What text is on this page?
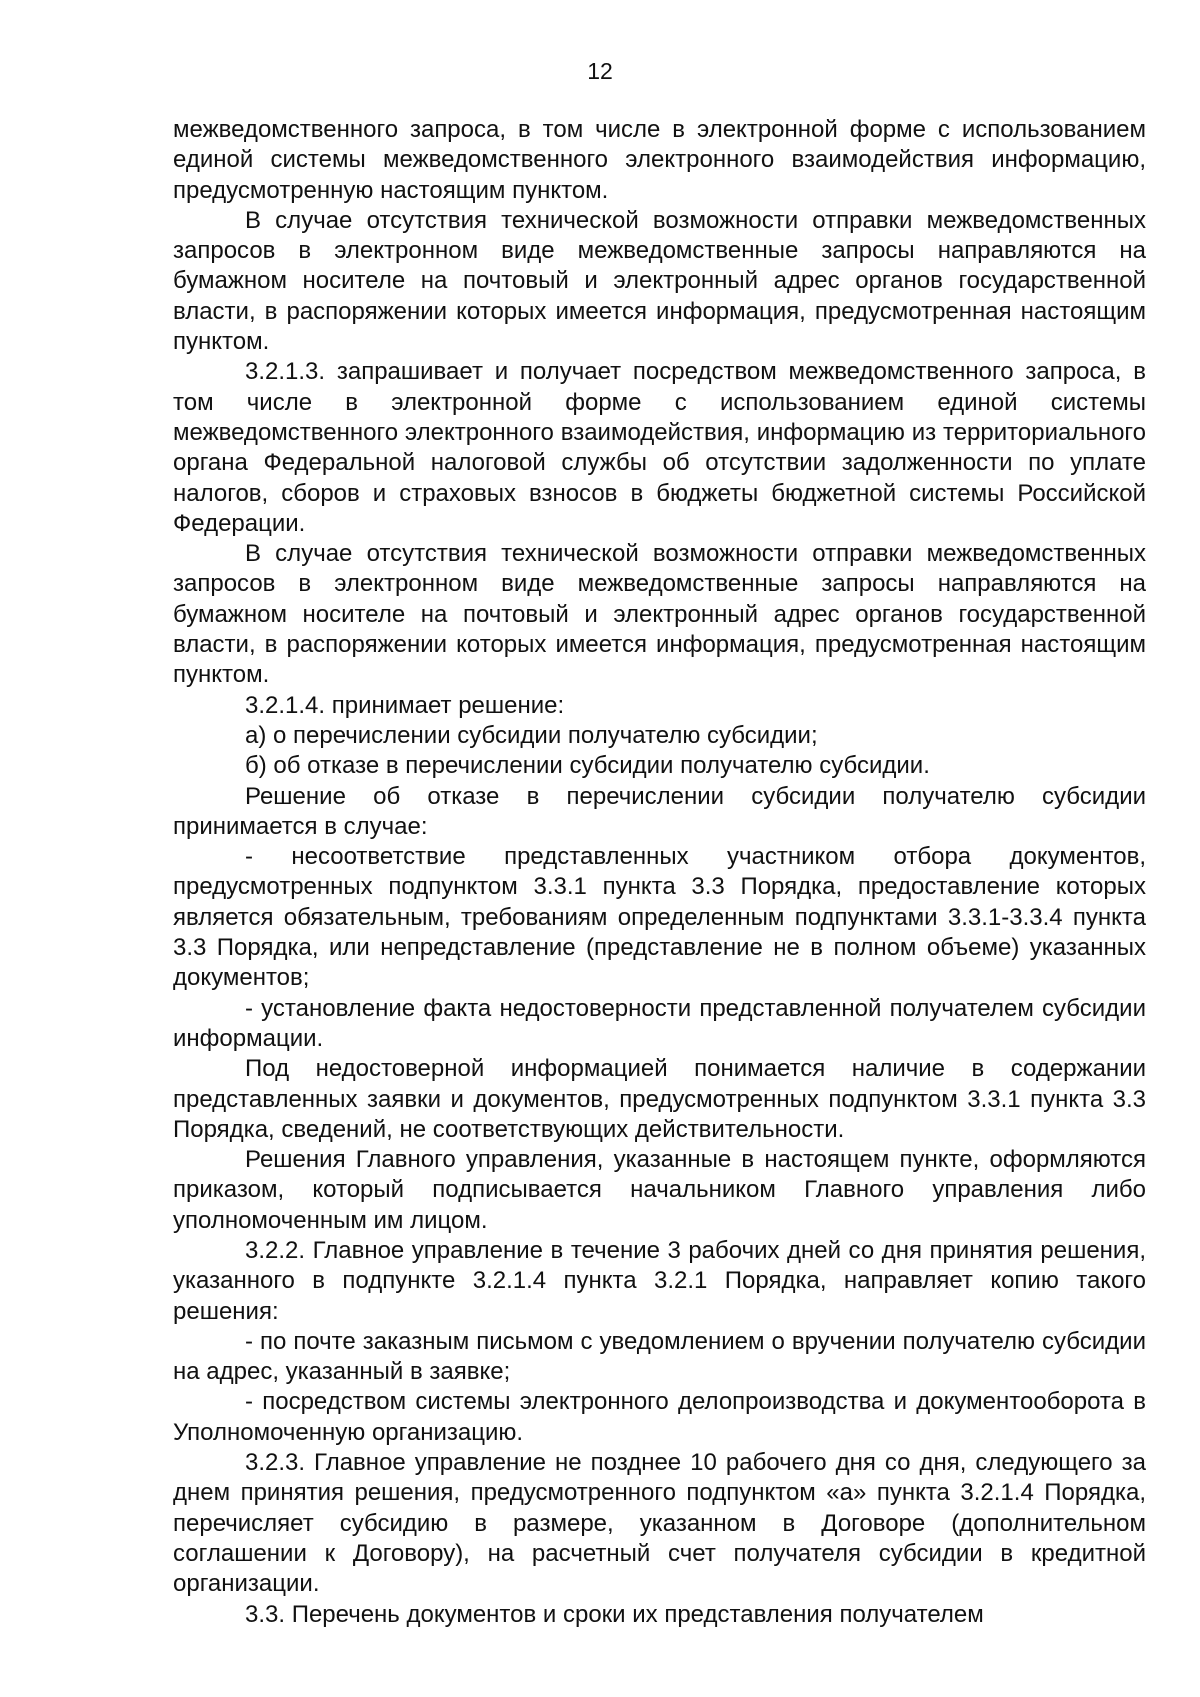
12

межведомственного запроса, в том числе в электронной форме с использованием единой системы межведомственного электронного взаимодействия информацию, предусмотренную настоящим пунктом.

В случае отсутствия технической возможности отправки межведомственных запросов в электронном виде межведомственные запросы направляются на бумажном носителе на почтовый и электронный адрес органов государственной власти, в распоряжении которых имеется информация, предусмотренная настоящим пунктом.

3.2.1.3. запрашивает и получает посредством межведомственного запроса, в том числе в электронной форме с использованием единой системы межведомственного электронного взаимодействия, информацию из территориального органа Федеральной налоговой службы об отсутствии задолженности по уплате налогов, сборов и страховых взносов в бюджеты бюджетной системы Российской Федерации.

В случае отсутствия технической возможности отправки межведомственных запросов в электронном виде межведомственные запросы направляются на бумажном носителе на почтовый и электронный адрес органов государственной власти, в распоряжении которых имеется информация, предусмотренная настоящим пунктом.

3.2.1.4. принимает решение:

а) о перечислении субсидии получателю субсидии;

б) об отказе в перечислении субсидии получателю субсидии.

Решение об отказе в перечислении субсидии получателю субсидии принимается в случае:

- несоответствие представленных участником отбора документов, предусмотренных подпунктом 3.3.1 пункта 3.3 Порядка, предоставление которых является обязательным, требованиям определенным подпунктами 3.3.1-3.3.4 пункта 3.3 Порядка, или непредставление (представление не в полном объеме) указанных документов;

- установление факта недостоверности представленной получателем субсидии информации.

Под недостоверной информацией понимается наличие в содержании представленных заявки и документов, предусмотренных подпунктом 3.3.1 пункта 3.3 Порядка, сведений, не соответствующих действительности.

Решения Главного управления, указанные в настоящем пункте, оформляются приказом, который подписывается начальником Главного управления либо уполномоченным им лицом.

3.2.2. Главное управление в течение 3 рабочих дней со дня принятия решения, указанного в подпункте 3.2.1.4 пункта 3.2.1 Порядка, направляет копию такого решения:

- по почте заказным письмом с уведомлением о вручении получателю субсидии на адрес, указанный в заявке;

- посредством системы электронного делопроизводства и документооборота в Уполномоченную организацию.

3.2.3. Главное управление не позднее 10 рабочего дня со дня, следующего за днем принятия решения, предусмотренного подпунктом «а» пункта 3.2.1.4 Порядка, перечисляет субсидию в размере, указанном в Договоре (дополнительном соглашении к Договору), на расчетный счет получателя субсидии в кредитной организации.

3.3. Перечень документов и сроки их представления получателем
